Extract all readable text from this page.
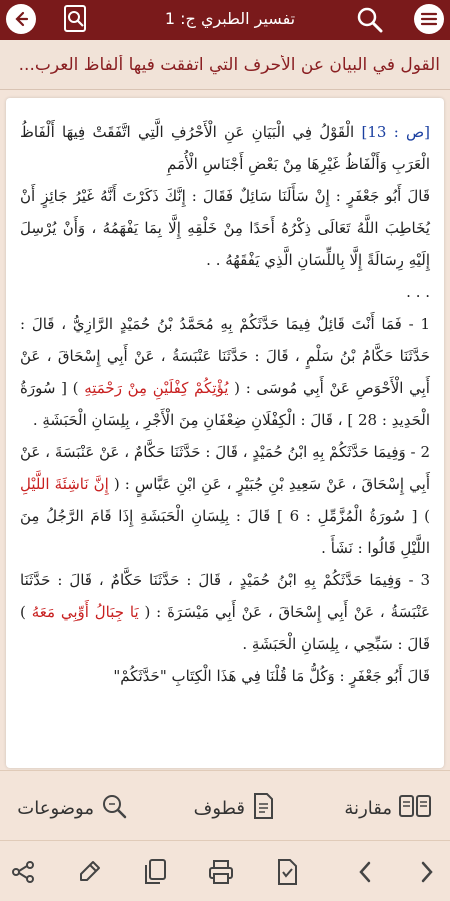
تفسير الطبري ج: 1
القول في البيان عن الأحرف التي اتفقت فيها ألفاظ العرب...

[ص : 13] الْقَوْلُ فِي الْبَيَانِ عَنِ الْأَحْرُفِ الَّتِي اتَّفَقَتْ فِيهَا أَلْفَاظُ الْعَرَبِ وَأَلْفَاظُ غَيْرِهَا مِنْ بَعْضِ أَجْنَاسِ الْأُمَمِ

قَالَ أَبُو جَعْفَرٍ : إِنْ سَأَلَنَا سَائِلٌ فَقَالَ : إِنَّكَ ذَكَرْتَ أَنَّهُ غَيْرُ جَائِزٍ أَنْ يُخَاطِبَ اللَّهُ تَعَالَى ذِكْرُهُ أَحَدًا مِنْ خَلْقِهِ إِلَّا بِمَا يَفْهَمُهُ ، وَأَنْ يُرْسِلَ إِلَيْهِ رِسَالَةً إِلَّا بِاللِّسَانِ الَّذِي يَفْقَهُهُ . .

. . .

1 - فَمَا أَنْتَ قَائِلٌ فِيمَا حَدَّثَكُمْ بِهِ مُحَمَّدُ بْنُ حُمَيْدٍ الرَّازِيُّ ، قَالَ : حَدَّثَنَا حَكَّامُ بْنُ سَلْمٍ ، قَالَ : حَدَّثَنَا عَنْبَسَةُ ، عَنْ أَبِي إِسْحَاقَ ، عَنْ أَبِي الْأَحْوَصِ عَنْ أَبِي مُوسَى : ( يُؤْتِكُمْ كِفْلَيْنِ مِنْ رَحْمَتِهِ ) [ سُورَةُ الْحَدِيدِ : 28 ] ، قَالَ : الْكِفْلَانِ ضِعْفَانِ مِنَ الْأَجْرِ ، بِلِسَانِ الْحَبَشَةِ .

2 - وَفِيمَا حَدَّثَكُمْ بِهِ ابْنُ حُمَيْدٍ ، قَالَ : حَدَّثَنَا حَكَّامٌ ، عَنْ عَنْبَسَةَ ، عَنْ أَبِي إِسْحَاقَ ، عَنْ سَعِيدِ بْنِ جُبَيْرٍ ، عَنِ ابْنِ عَبَّاسٍ : ( إِنَّ نَاشِئَةَ اللَّيْلِ ) [ سُورَةُ الْمُزَّمِّلِ : 6 ] قَالَ : بِلِسَانِ الْحَبَشَةِ إِذَا قَامَ الرَّجُلُ مِنَ اللَّيْلِ قَالُوا : نَشَأَ .

3 - وَفِيمَا حَدَّثَكُمْ بِهِ ابْنُ حُمَيْدٍ ، قَالَ : حَدَّثَنَا حَكَّامٌ ، قَالَ : حَدَّثَنَا عَنْبَسَةُ ، عَنْ أَبِي إِسْحَاقَ ، عَنْ أَبِي مَيْسَرَةَ : ( يَا جِبَالُ أَوِّبِي مَعَهُ ) قَالَ : سَبِّحِي ، بِلِسَانِ الْحَبَشَةِ .

قَالَ أَبُو جَعْفَرٍ : وَكُلُّ مَا قُلْنَا فِي هَذَا الْكِتَابِ "حَدَّثَكُمْ"

مقارنة
قطوف
موضوعات
